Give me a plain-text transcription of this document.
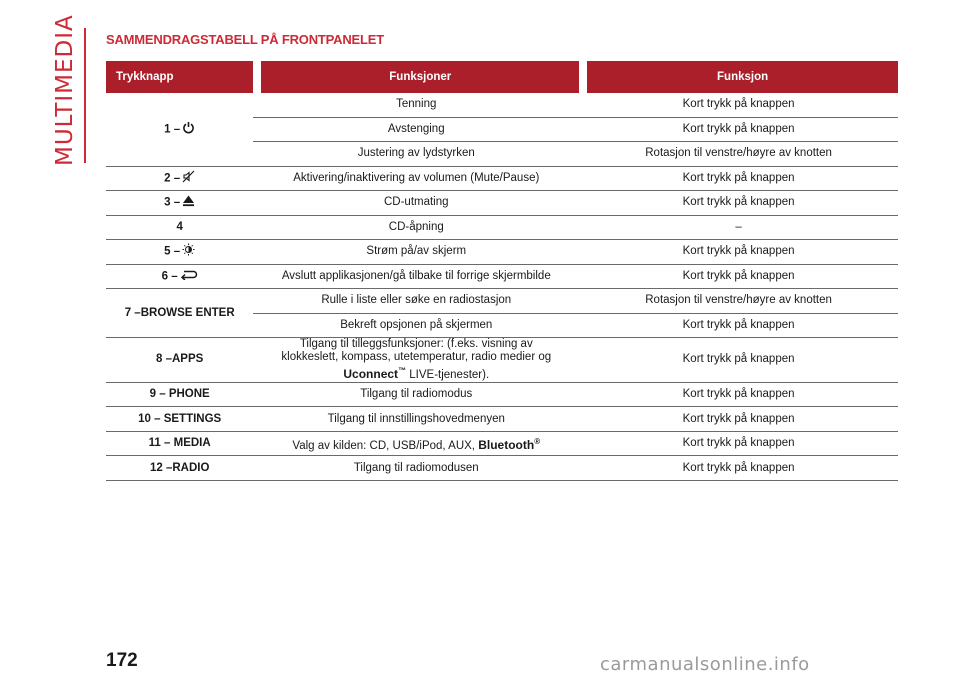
MULTIMEDIA	SAMMENDRAGSTABELL PÅ FRONTPANELET
Trykknapp		Funksjoner		Funksjon
1 –	Tenning		Kort trykk på knappen	
	Avstenging		Kort trykk på knappen	
	Justering av lydstyrken		Rotasjon til venstre/høyre av knotten	
2 –	Aktivering/inaktivering av volumen (Mute/Pause)		Kort trykk på knappen	
3 –	CD-utmating		Kort trykk på knappen	
4	CD-åpning		–	
5 –	Strøm på/av skjerm		Kort trykk på knappen	
6 –	Avslutt applikasjonen/gå tilbake til forrige skjermbilde		Kort trykk på knappen	
7 –BROWSE ENTER	Rulle i liste eller søke en radiostasjon		Rotasjon til venstre/høyre av knotten	
	Bekreft opsjonen på skjermen		Kort trykk på knappen	
8 –APPS	Tilgang til tilleggsfunksjoner: (f.eks. visning av
klokkeslett, kompass, utetemperatur, radio medier og
Uconnect™ LIVE-tjenester).		Kort trykk på knappen	
9 – PHONE	Tilgang til radiomodus		Kort trykk på knappen	
10 – SETTINGS	Tilgang til innstillingshovedmenyen		Kort trykk på knappen	
11 – MEDIA	Valg av kilden: CD, USB/iPod, AUX, Bluetooth®		Kort trykk på knappen	
12 –RADIO	Tilgang til radiomodusen		Kort trykk på knappen	
172	carmanualsonline.info
